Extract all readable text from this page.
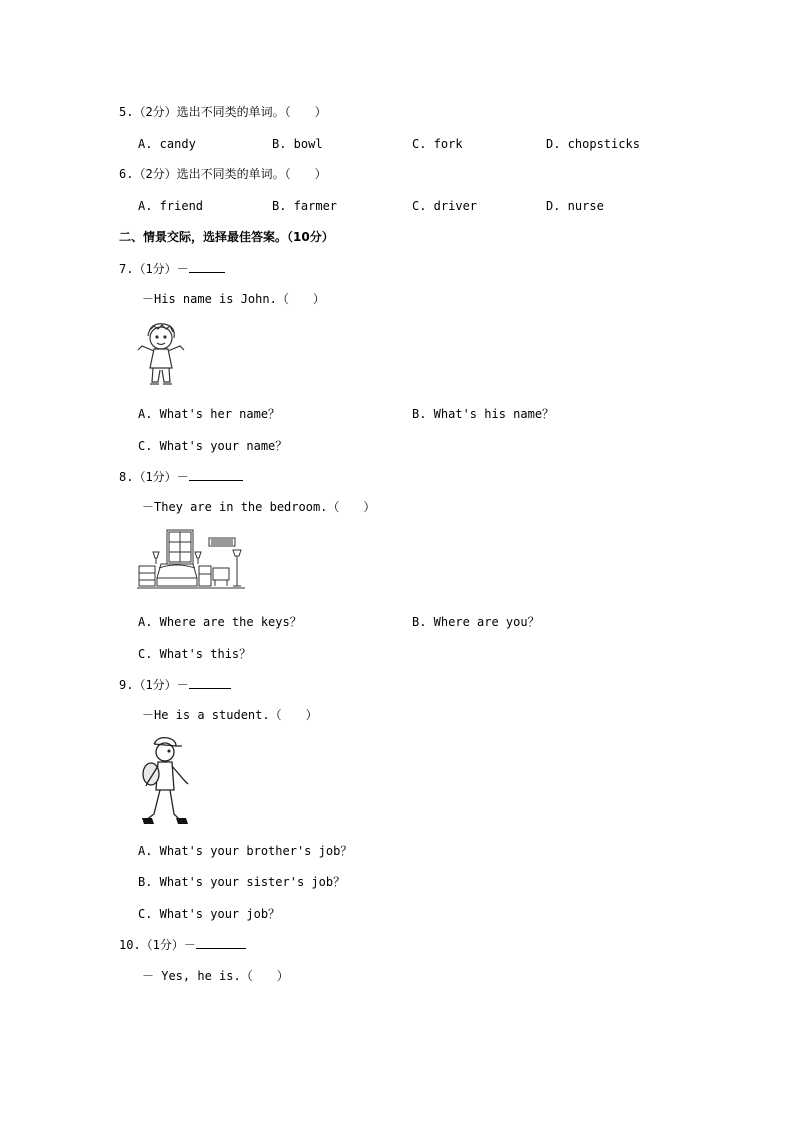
5.（2分）选出不同类的单词。（　　）
A. candy	B. bowl	C. fork	D. chopsticks
6.（2分）选出不同类的单词。（　　）
A. friend	B. farmer	C. driver	D. nurse
二、情景交际，选择最佳答案。（10分）
7.（1分）－
－His name is John.（　　）
A. What's her name？	B. What's his name？
C. What's your name？
8.（1分）－
－They are in the bedroom.（　　）
A. Where are the keys？	B. Where are you？
C. What's this？
9.（1分）－
－He is a student.（　　）
A. What's your brother's job？
B. What's your sister's job？
C. What's your job？
10.（1分）－
－ Yes, he is.（　　）
